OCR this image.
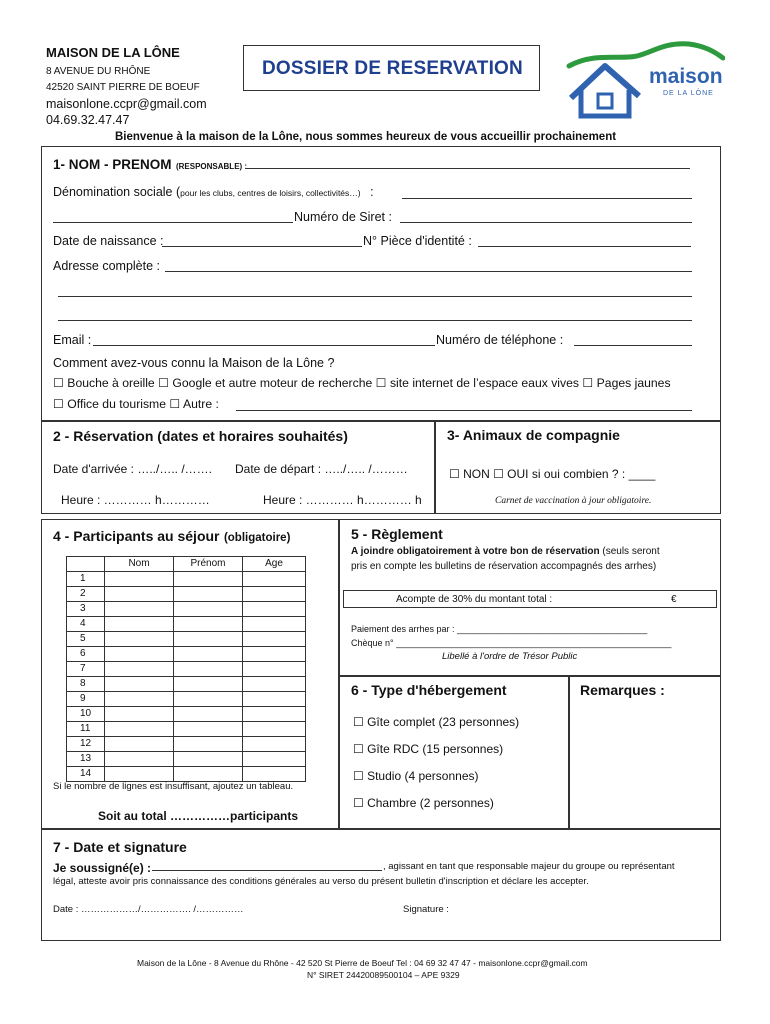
MAISON DE LA LÔNE
8 AVENUE DU RHÔNE
42520 SAINT PIERRE DE BOEUF
maisonlone.ccpr@gmail.com
04.69.32.47.47
DOSSIER DE RESERVATION	maison
DE LA LÔNE
Bienvenue à la maison de la Lône, nous sommes heureux de vous accueillir prochainement
1- NOM - PRENOM (RESPONSABLE) :
Dénomination sociale (pour les clubs, centres de loisirs, collectivités…) :
Numéro de Siret :
Date de naissance :	N° Pièce d'identité :
Adresse complète :
Email :	Numéro de téléphone :
Comment avez-vous connu la Maison de la Lône ?
☐ Bouche à oreille ☐ Google et autre moteur de recherche ☐ site internet de l’espace eaux vives ☐ Pages jaunes
☐ Office du tourisme ☐ Autre :
2 - Réservation (dates et horaires souhaités)
Date d'arrivée : …../….. /……. Date de départ : …../….. /………
Heure : ………… h…………	Heure : ………… h………… h
3- Animaux de compagnie
☐ NON ☐ OUI si oui combien ? : ____
Carnet de vaccination à jour obligatoire.
4 - Participants au séjour (obligatoire)
	Nom	Prénom	Age
1			
2			
3			
4			
5			
6			
7			
8			
9			
10			
11			
12			
13			
14			
Si le nombre de lignes est insuffisant, ajoutez un tableau.
Soit au total ……………participants
5 - Règlement
A joindre obligatoirement à votre bon de réservation (seuls seront
pris en compte les bulletins de réservation accompagnés des arrhes)
Acompte de 30% du montant total :	€
Paiement des arrhes par : ______________________________________
Chèque n° _______________________________________________________
Libellé à l'ordre de Trésor Public
6 - Type d'hébergement
☐ Gîte complet (23 personnes)
☐ Gîte RDC (15 personnes)
☐ Studio (4 personnes)
☐ Chambre (2 personnes)
Remarques :
7 - Date et signature
Je soussigné(e) :	, agissant en tant que responsable majeur du groupe ou représentant
légal, atteste avoir pris connaissance des conditions générales au verso du présent bulletin d'inscription et déclare les accepter.
Date : ………………/……………. /……………	Signature :
Maison de la Lône - 8 Avenue du Rhône - 42 520 St Pierre de Boeuf Tel : 04 69 32 47 47 - maisonlone.ccpr@gmail.com
N° SIRET 24420089500104 – APE 9329
